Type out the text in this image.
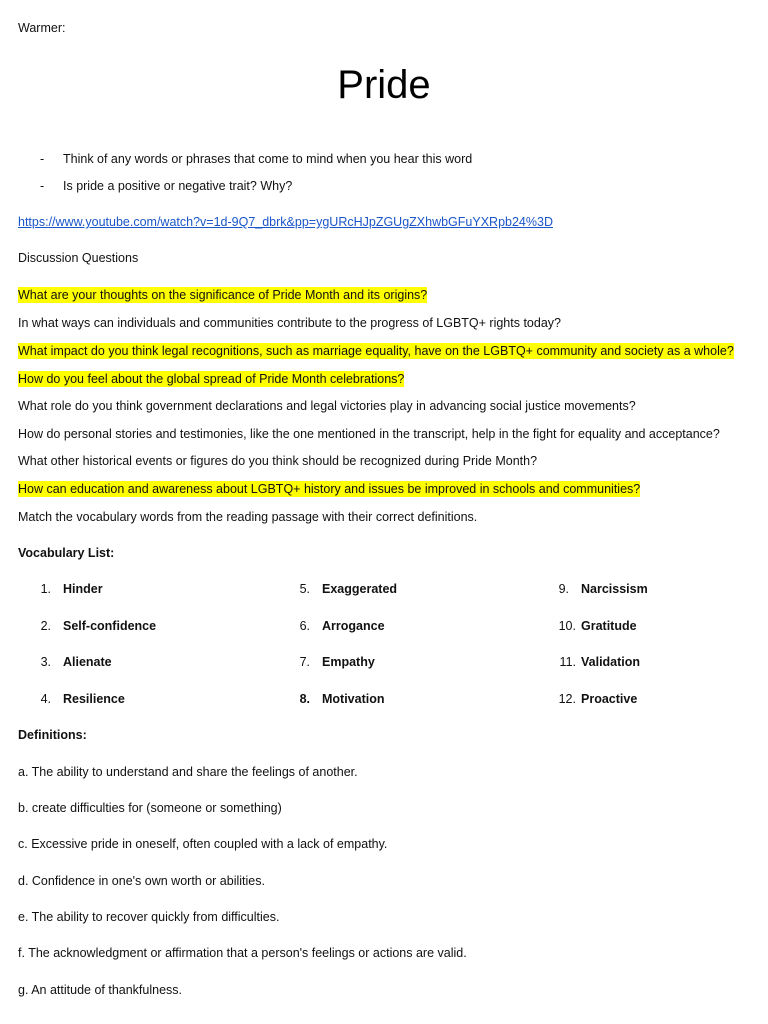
Warmer:
Pride
- Think of any words or phrases that come to mind when you hear this word
- Is pride a positive or negative trait? Why?
https://www.youtube.com/watch?v=1d-9Q7_dbrk&pp=ygURcHJpZGUgZXhwbGFuYXRpb24%3D
Discussion Questions
What are your thoughts on the significance of Pride Month and its origins?
In what ways can individuals and communities contribute to the progress of LGBTQ+ rights today?
What impact do you think legal recognitions, such as marriage equality, have on the LGBTQ+ community and society as a whole?
How do you feel about the global spread of Pride Month celebrations?
What role do you think government declarations and legal victories play in advancing social justice movements?
How do personal stories and testimonies, like the one mentioned in the transcript, help in the fight for equality and acceptance?
What other historical events or figures do you think should be recognized during Pride Month?
How can education and awareness about LGBTQ+ history and issues be improved in schools and communities?
Match the vocabulary words from the reading passage with their correct definitions.
Vocabulary List:
1. Hinder
2. Self-confidence
3. Alienate
4. Resilience
5. Exaggerated
6. Arrogance
7. Empathy
8. Motivation
9. Narcissism
10. Gratitude
11. Validation
12. Proactive
Definitions:
a. The ability to understand and share the feelings of another.
b. create difficulties for (someone or something)
c. Excessive pride in oneself, often coupled with a lack of empathy.
d. Confidence in one's own worth or abilities.
e. The ability to recover quickly from difficulties.
f. The acknowledgment or affirmation that a person's feelings or actions are valid.
g. An attitude of thankfulness.
